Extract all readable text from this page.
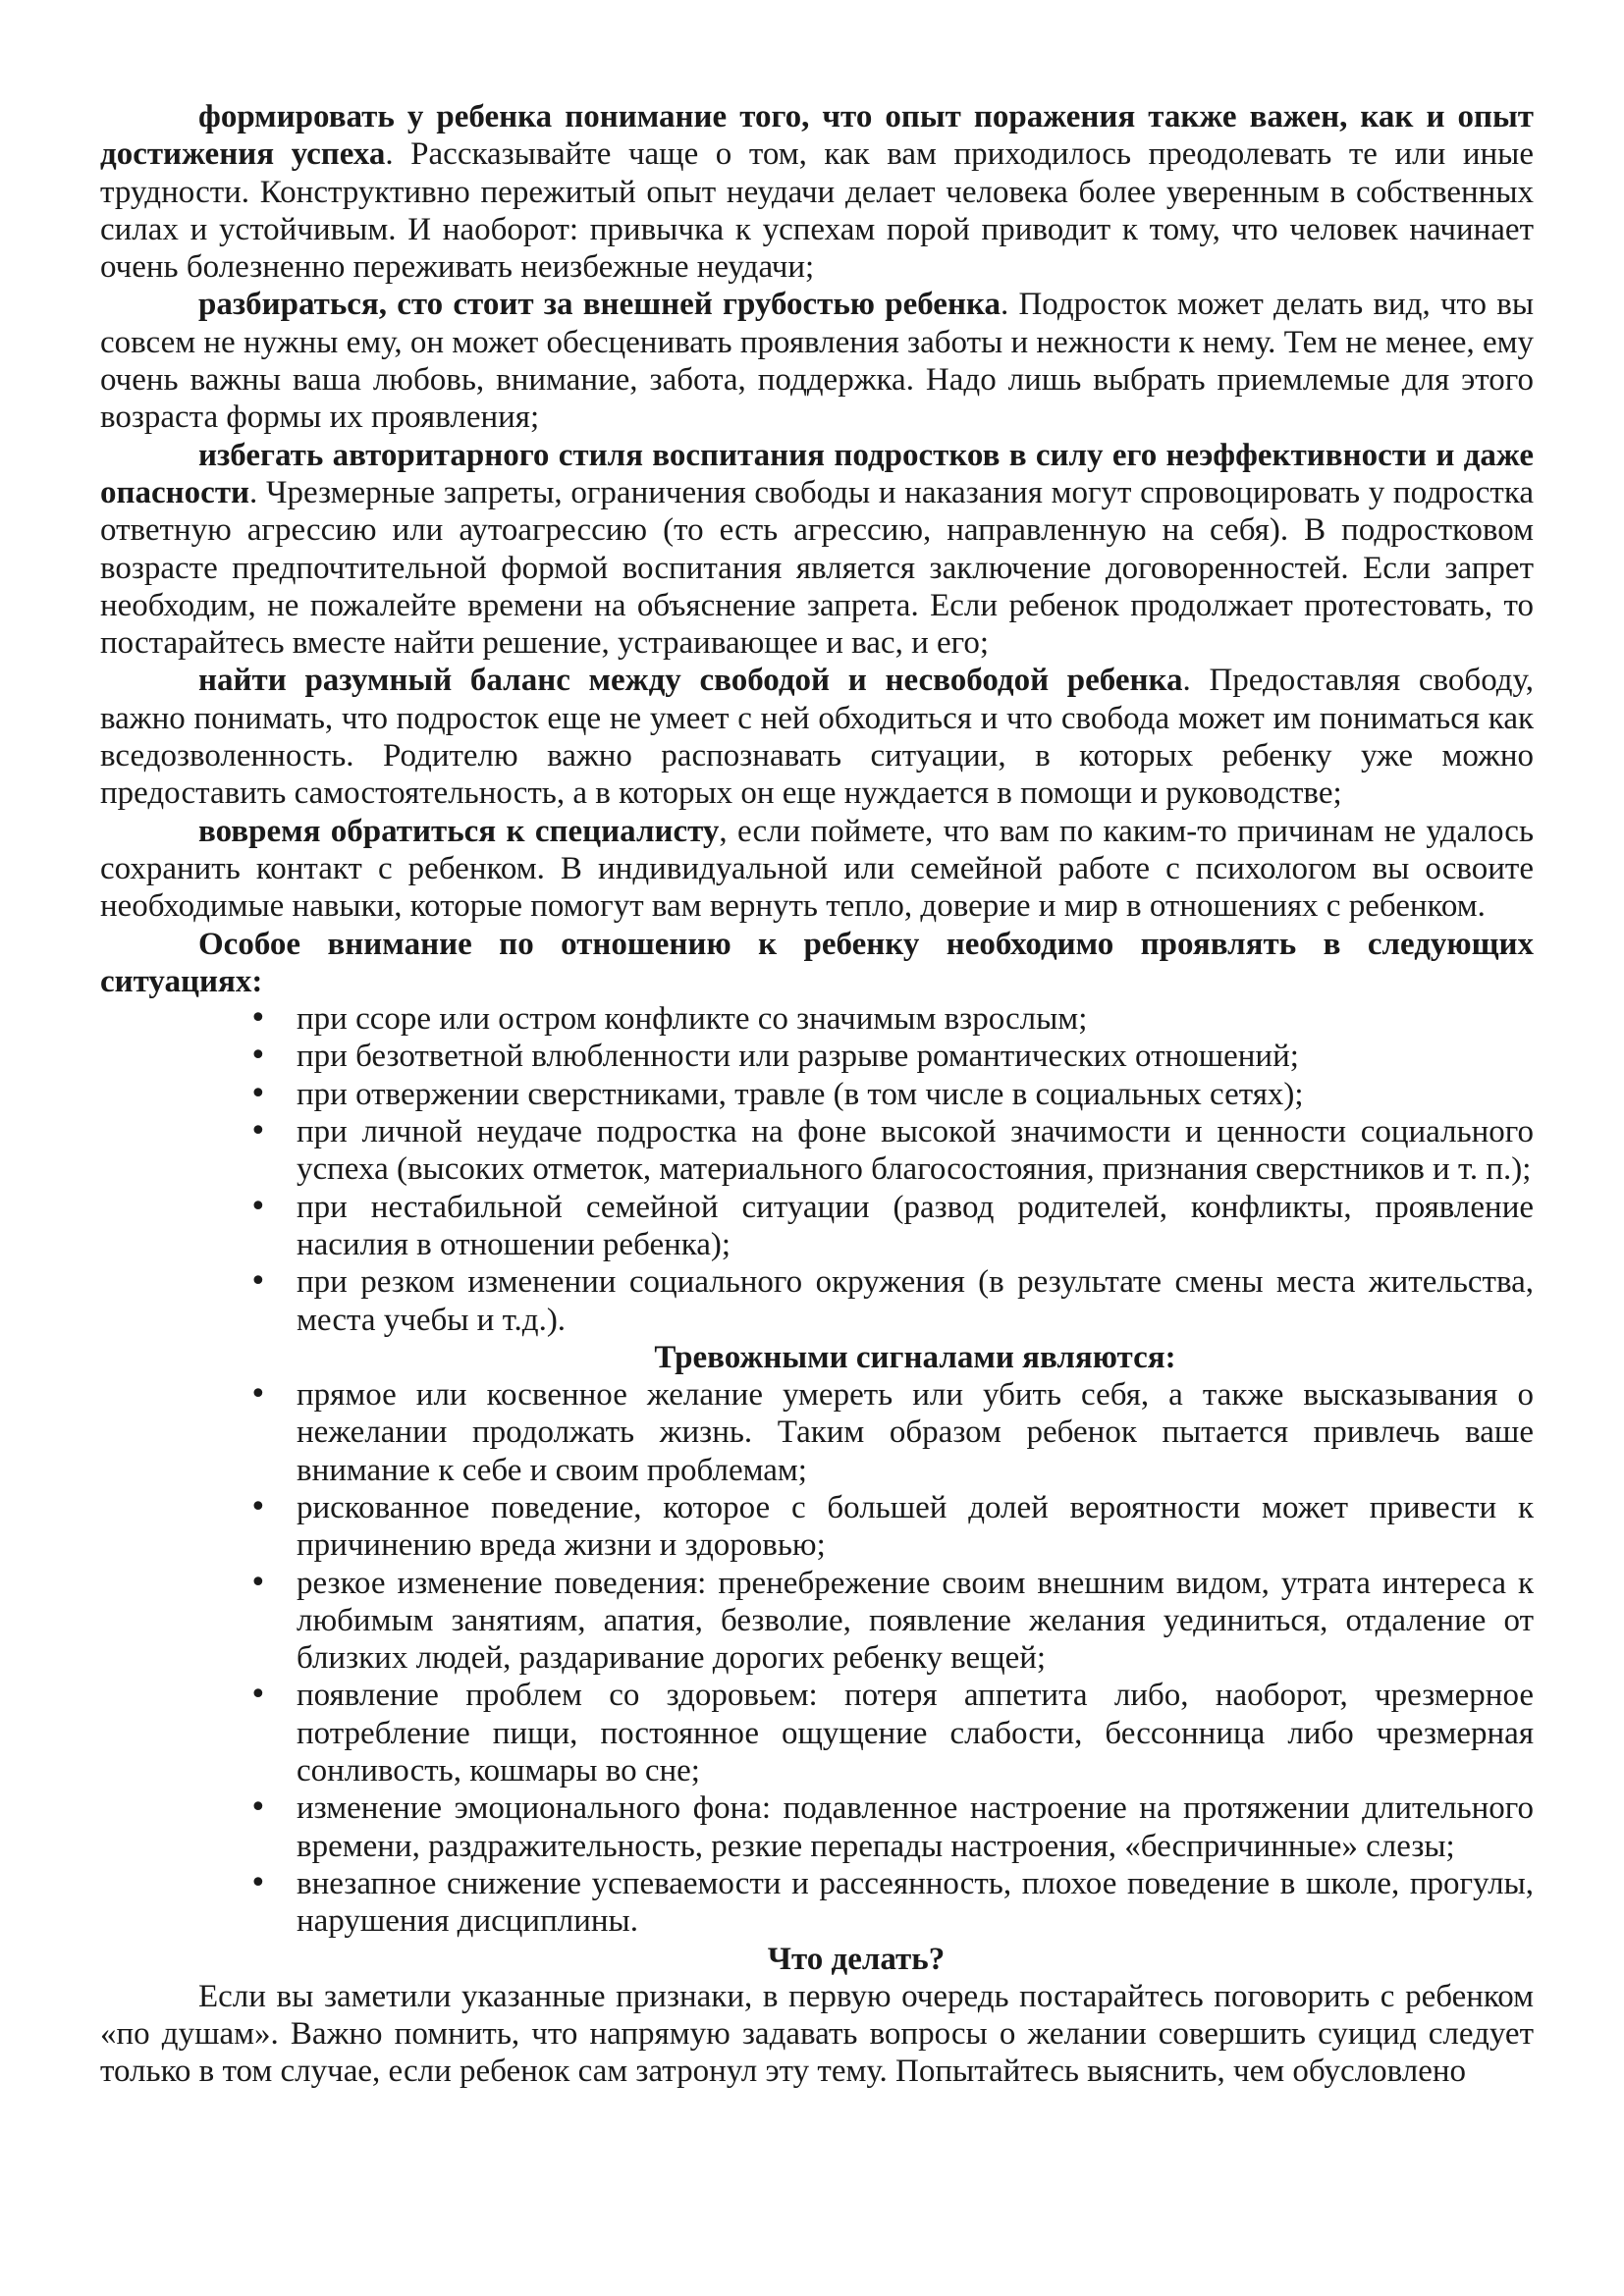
формировать у ребенка понимание того, что опыт поражения также важен, как и опыт достижения успеха. Рассказывайте чаще о том, как вам приходилось преодолевать те или иные трудности. Конструктивно пережитый опыт неудачи делает человека более уверенным в собственных силах и устойчивым. И наоборот: привычка к успехам порой приводит к тому, что человек начинает очень болезненно переживать неизбежные неудачи;

разбираться, сто стоит за внешней грубостью ребенка. Подросток может делать вид, что вы совсем не нужны ему, он может обесценивать проявления заботы и нежности к нему. Тем не менее, ему очень важны ваша любовь, внимание, забота, поддержка. Надо лишь выбрать приемлемые для этого возраста формы их проявления;

избегать авторитарного стиля воспитания подростков в силу его неэффективности и даже опасности. Чрезмерные запреты, ограничения свободы и наказания могут спровоцировать у подростка ответную агрессию или аутоагрессию (то есть агрессию, направленную на себя). В подростковом возрасте предпочтительной формой воспитания является заключение договоренностей. Если запрет необходим, не пожалейте времени на объяснение запрета. Если ребенок продолжает протестовать, то постарайтесь вместе найти решение, устраивающее и вас, и его;

найти разумный баланс между свободой и несвободой ребенка. Предоставляя свободу, важно понимать, что подросток еще не умеет с ней обходиться и что свобода может им пониматься как вседозволенность. Родителю важно распознавать ситуации, в которых ребенку уже можно предоставить самостоятельность, а в которых он еще нуждается в помощи и руководстве;

вовремя обратиться к специалисту, если поймете, что вам по каким-то причинам не удалось сохранить контакт с ребенком. В индивидуальной или семейной работе с психологом вы освоите необходимые навыки, которые помогут вам вернуть тепло, доверие и мир в отношениях с ребенком.

Особое внимание по отношению к ребенку необходимо проявлять в следующих ситуациях:

• при ссоре или остром конфликте со значимым взрослым;
• при безответной влюбленности или разрыве романтических отношений;
• при отвержении сверстниками, травле (в том числе в социальных сетях);
• при личной неудаче подростка на фоне высокой значимости и ценности социального успеха (высоких отметок, материального благосостояния, признания сверстников и т. п.);
• при нестабильной семейной ситуации (развод родителей, конфликты, проявление насилия в отношении ребенка);
• при резком изменении социального окружения (в результате смены места жительства, места учебы и т.д.).

Тревожными сигналами являются:

• прямое или косвенное желание умереть или убить себя, а также высказывания о нежелании продолжать жизнь. Таким образом ребенок пытается привлечь ваше внимание к себе и своим проблемам;
• рискованное поведение, которое с большей долей вероятности может привести к причинению вреда жизни и здоровью;
• резкое изменение поведения: пренебрежение своим внешним видом, утрата интереса к любимым занятиям, апатия, безволие, появление желания уединиться, отдаление от близких людей, раздаривание дорогих ребенку вещей;
• появление проблем со здоровьем: потеря аппетита либо, наоборот, чрезмерное потребление пищи, постоянное ощущение слабости, бессонница либо чрезмерная сонливость, кошмары во сне;
• изменение эмоционального фона: подавленное настроение на протяжении длительного времени, раздражительность, резкие перепады настроения, «беспричинные» слезы;
• внезапное снижение успеваемости и рассеянность, плохое поведение в школе, прогулы, нарушения дисциплины.

Что делать?

Если вы заметили указанные признаки, в первую очередь постарайтесь поговорить с ребенком «по душам». Важно помнить, что напрямую задавать вопросы о желании совершить суицид следует только в том случае, если ребенок сам затронул эту тему. Попытайтесь выяснить, чем обусловлено
